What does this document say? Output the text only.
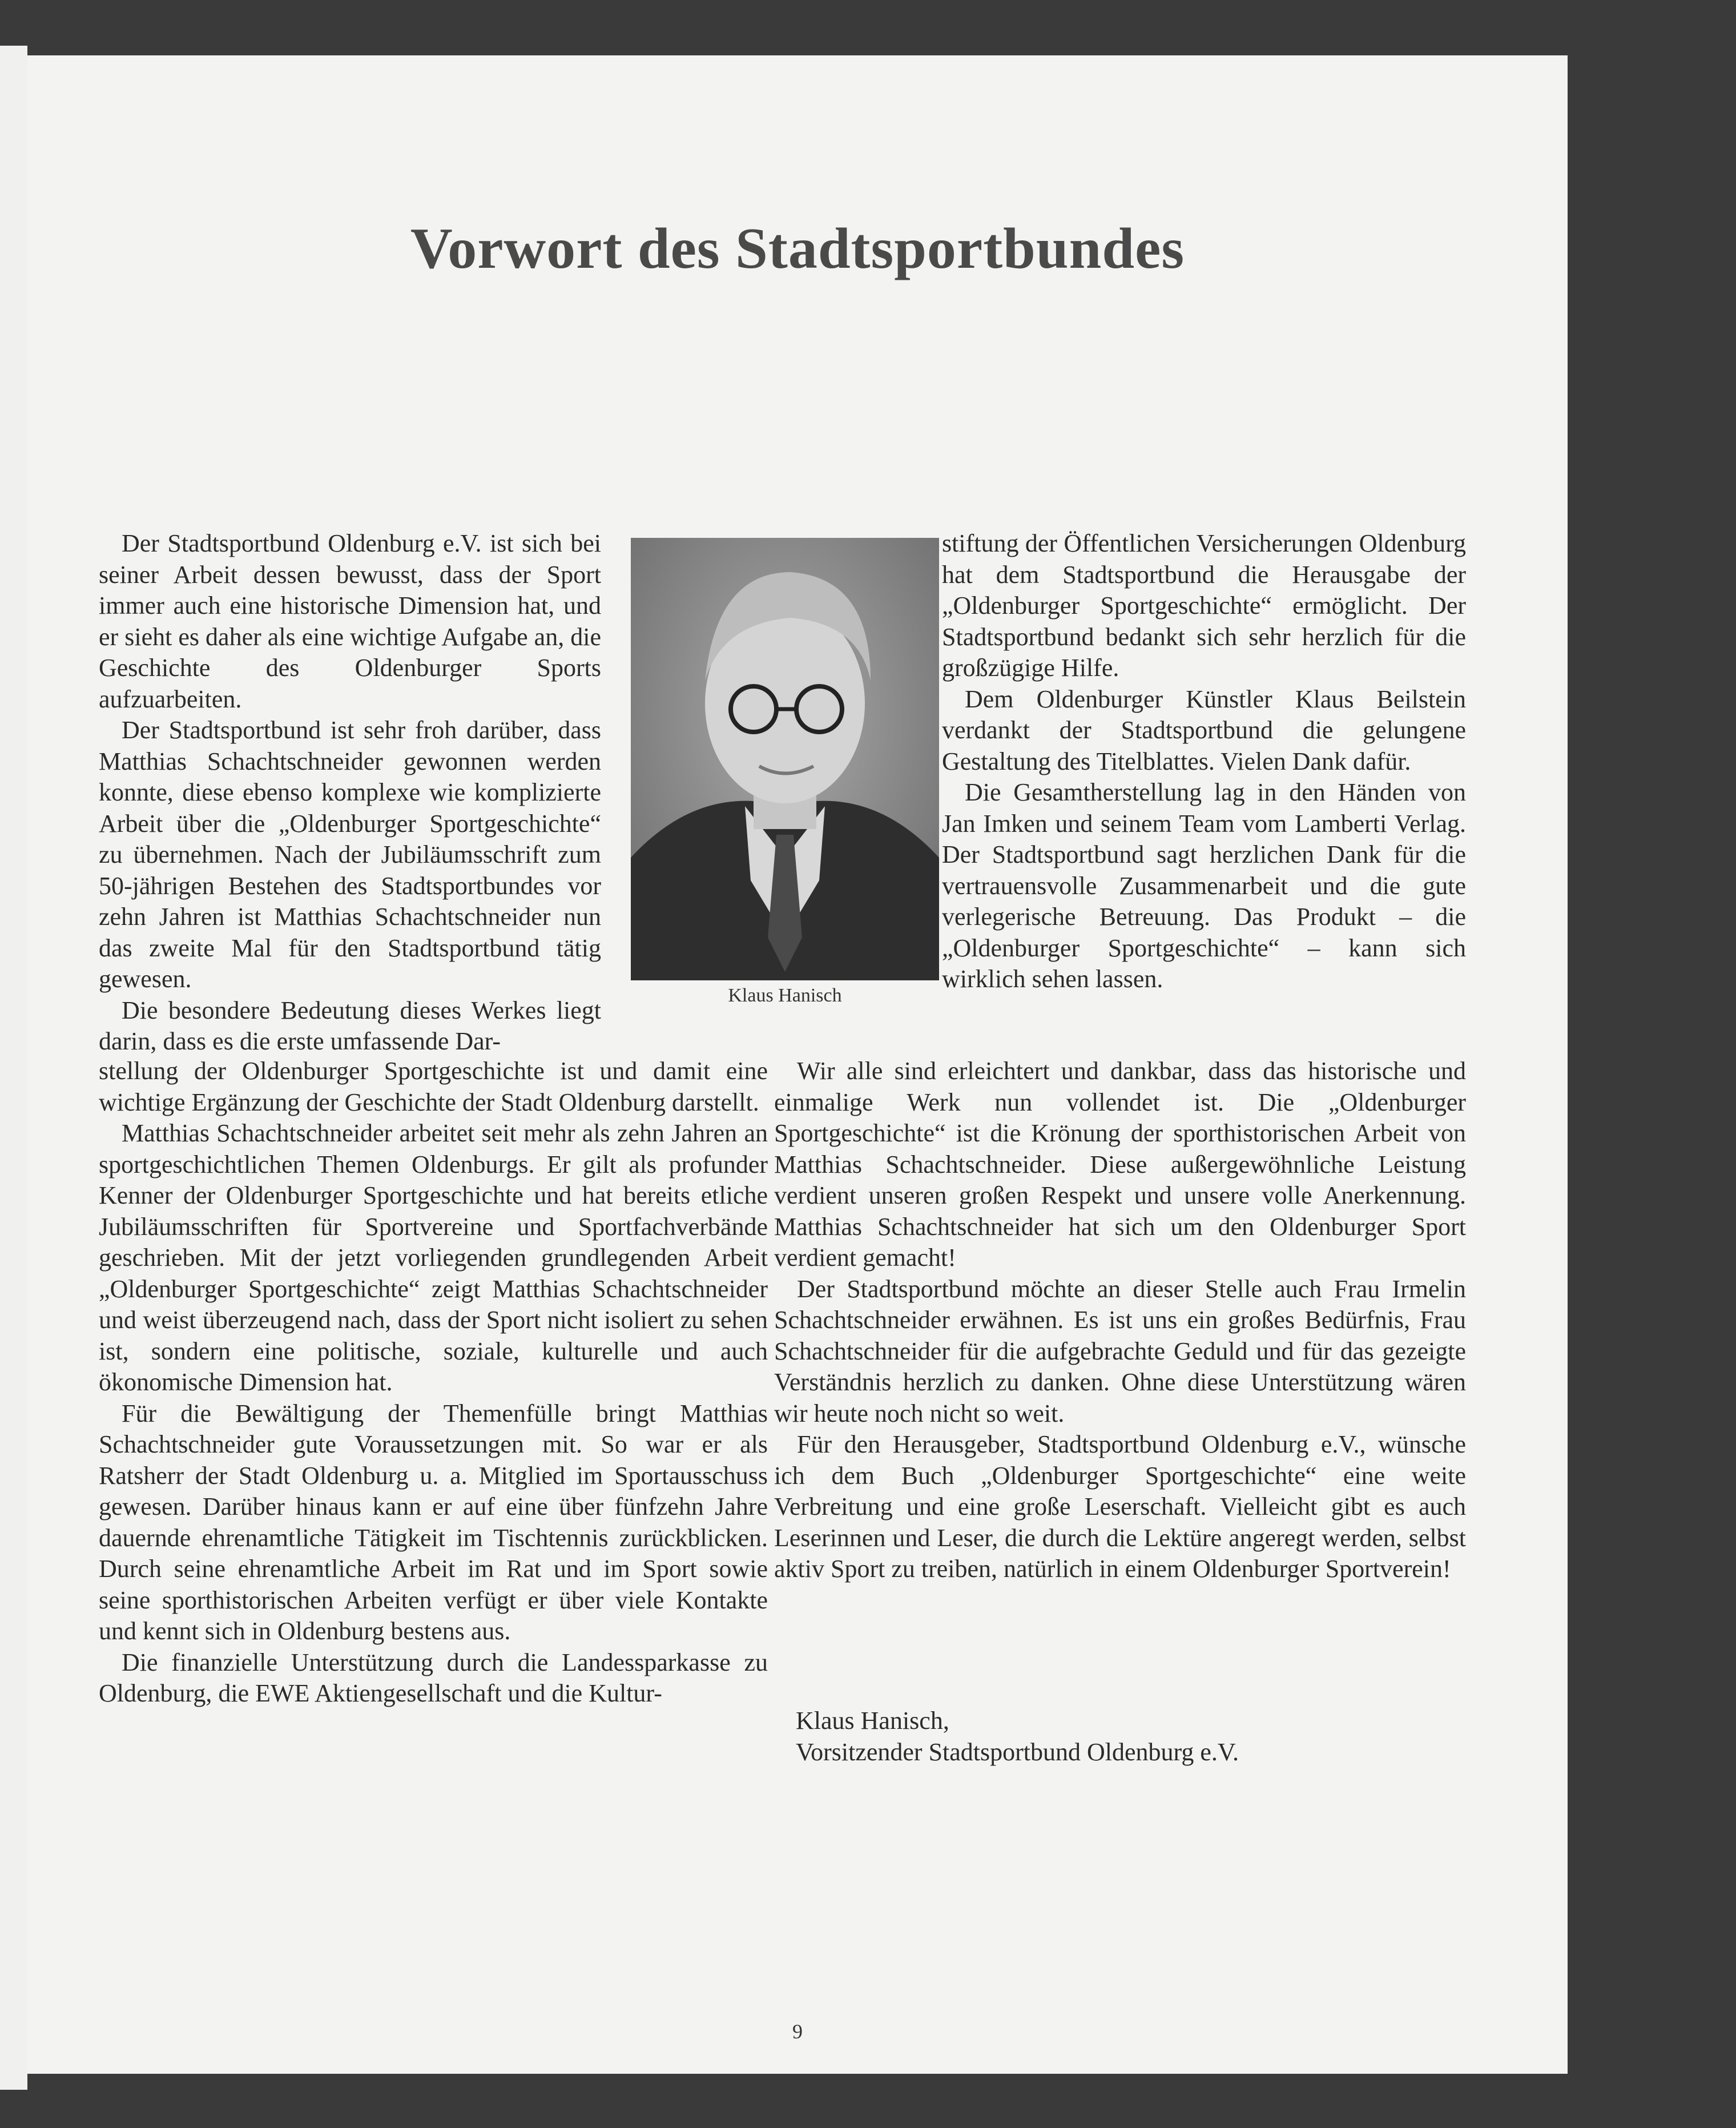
Vorwort des Stadtsportbundes

Der Stadtsportbund Oldenburg e.V. ist sich bei seiner Arbeit dessen bewusst, dass der Sport immer auch eine historische Dimension hat, und er sieht es daher als eine wichtige Aufgabe an, die Geschichte des Oldenburger Sports aufzuarbeiten.

Der Stadtsportbund ist sehr froh darüber, dass Matthias Schachtschneider gewonnen werden konnte, diese ebenso komplexe wie komplizierte Arbeit über die „Oldenburger Sportgeschichte“ zu übernehmen. Nach der Jubiläumsschrift zum 50-jährigen Bestehen des Stadtsportbundes vor zehn Jahren ist Matthias Schachtschneider nun das zweite Mal für den Stadtsportbund tätig gewesen.

Die besondere Bedeutung dieses Werkes liegt darin, dass es die erste umfassende Dar-

stellung der Oldenburger Sportgeschichte ist und damit eine wichtige Ergänzung der Geschichte der Stadt Oldenburg darstellt.

Matthias Schachtschneider arbeitet seit mehr als zehn Jahren an sportgeschichtlichen Themen Oldenburgs. Er gilt als profunder Kenner der Oldenburger Sportgeschichte und hat bereits etliche Jubiläumsschriften für Sportvereine und Sportfachverbände geschrieben. Mit der jetzt vorliegenden grundlegenden Arbeit „Oldenburger Sportgeschichte“ zeigt Matthias Schachtschneider und weist überzeugend nach, dass der Sport nicht isoliert zu sehen ist, sondern eine politische, soziale, kulturelle und auch ökonomische Dimension hat.

Für die Bewältigung der Themenfülle bringt Matthias Schachtschneider gute Voraussetzungen mit. So war er als Ratsherr der Stadt Oldenburg u. a. Mitglied im Sportausschuss gewesen. Darüber hinaus kann er auf eine über fünfzehn Jahre dauernde ehrenamtliche Tätigkeit im Tischtennis zurückblicken. Durch seine ehrenamtliche Arbeit im Rat und im Sport sowie seine sporthistorischen Arbeiten verfügt er über viele Kontakte und kennt sich in Oldenburg bestens aus.

Die finanzielle Unterstützung durch die Landessparkasse zu Oldenburg, die EWE Aktiengesellschaft und die Kultur-

Klaus Hanisch

stiftung der Öffentlichen Versicherungen Oldenburg hat dem Stadtsportbund die Herausgabe der „Oldenburger Sportgeschichte“ ermöglicht. Der Stadtsportbund bedankt sich sehr herzlich für die großzügige Hilfe.

Dem Oldenburger Künstler Klaus Beilstein verdankt der Stadtsportbund die gelungene Gestaltung des Titelblattes. Vielen Dank dafür.

Die Gesamtherstellung lag in den Händen von Jan Imken und seinem Team vom Lamberti Verlag. Der Stadtsportbund sagt herzlichen Dank für die vertrauensvolle Zusammenarbeit und die gute verlegerische Betreuung. Das Produkt – die „Oldenburger Sportgeschichte“ – kann sich wirklich sehen lassen.

Wir alle sind erleichtert und dankbar, dass das historische und einmalige Werk nun vollendet ist. Die „Oldenburger Sportgeschichte“ ist die Krönung der sporthistorischen Arbeit von Matthias Schachtschneider. Diese außergewöhnliche Leistung verdient unseren großen Respekt und unsere volle Anerkennung. Matthias Schachtschneider hat sich um den Oldenburger Sport verdient gemacht!

Der Stadtsportbund möchte an dieser Stelle auch Frau Irmelin Schachtschneider erwähnen. Es ist uns ein großes Bedürfnis, Frau Schachtschneider für die aufgebrachte Geduld und für das gezeigte Verständnis herzlich zu danken. Ohne diese Unterstützung wären wir heute noch nicht so weit.

Für den Herausgeber, Stadtsportbund Oldenburg e.V., wünsche ich dem Buch „Oldenburger Sportgeschichte“ eine weite Verbreitung und eine große Leserschaft. Vielleicht gibt es auch Leserinnen und Leser, die durch die Lektüre angeregt werden, selbst aktiv Sport zu treiben, natürlich in einem Oldenburger Sportverein!

Klaus Hanisch,

Vorsitzender Stadtsportbund Oldenburg e.V.

9
